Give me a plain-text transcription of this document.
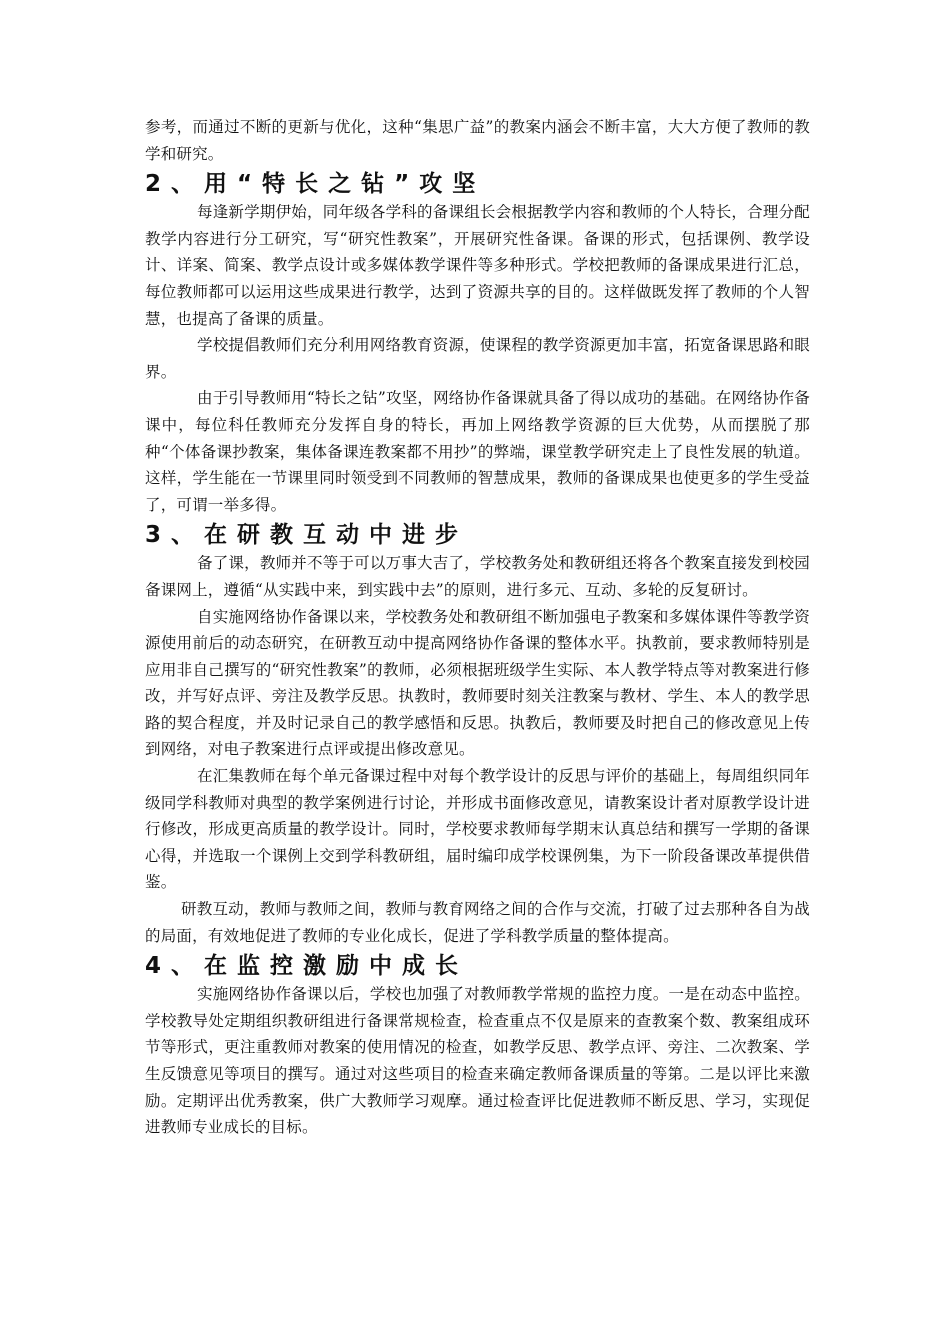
参考，而通过不断的更新与优化，这种“集思广益”的教案内涵会不断丰富，大大方便了教师的教学和研究。

2、用“特长之钻”攻坚

每逢新学期伊始，同年级各学科的备课组长会根据教学内容和教师的个人特长，合理分配教学内容进行分工研究，写“研究性教案”，开展研究性备课。备课的形式，包括课例、教学设计、详案、简案、教学点设计或多媒体教学课件等多种形式。学校把教师的备课成果进行汇总，每位教师都可以运用这些成果进行教学，达到了资源共享的目的。这样做既发挥了教师的个人智慧，也提高了备课的质量。

学校提倡教师们充分利用网络教育资源，使课程的教学资源更加丰富，拓宽备课思路和眼界。

由于引导教师用“特长之钻”攻坚，网络协作备课就具备了得以成功的基础。在网络协作备课中，每位科任教师充分发挥自身的特长，再加上网络教学资源的巨大优势，从而摆脱了那种“个体备课抄教案，集体备课连教案都不用抄”的弊端，课堂教学研究走上了良性发展的轨道。这样，学生能在一节课里同时领受到不同教师的智慧成果，教师的备课成果也使更多的学生受益了，可谓一举多得。

3、在研教互动中进步

备了课，教师并不等于可以万事大吉了，学校教务处和教研组还将各个教案直接发到校园备课网上，遵循“从实践中来，到实践中去”的原则，进行多元、互动、多轮的反复研讨。

自实施网络协作备课以来，学校教务处和教研组不断加强电子教案和多媒体课件等教学资源使用前后的动态研究，在研教互动中提高网络协作备课的整体水平。执教前，要求教师特别是应用非自己撰写的“研究性教案”的教师，必须根据班级学生实际、本人教学特点等对教案进行修改，并写好点评、旁注及教学反思。执教时，教师要时刻关注教案与教材、学生、本人的教学思路的契合程度，并及时记录自己的教学感悟和反思。执教后，教师要及时把自己的修改意见上传到网络，对电子教案进行点评或提出修改意见。

在汇集教师在每个单元备课过程中对每个教学设计的反思与评价的基础上，每周组织同年级同学科教师对典型的教学案例进行讨论，并形成书面修改意见，请教案设计者对原教学设计进行修改，形成更高质量的教学设计。同时，学校要求教师每学期末认真总结和撰写一学期的备课心得，并选取一个课例上交到学科教研组，届时编印成学校课例集，为下一阶段备课改革提供借鉴。

研教互动，教师与教师之间，教师与教育网络之间的合作与交流，打破了过去那种各自为战的局面，有效地促进了教师的专业化成长，促进了学科教学质量的整体提高。

4、在监控激励中成长

实施网络协作备课以后，学校也加强了对教师教学常规的监控力度。一是在动态中监控。学校教导处定期组织教研组进行备课常规检查，检查重点不仅是原来的查教案个数、教案组成环节等形式，更注重教师对教案的使用情况的检查，如教学反思、教学点评、旁注、二次教案、学生反馈意见等项目的撰写。通过对这些项目的检查来确定教师备课质量的等第。二是以评比来激励。定期评出优秀教案，供广大教师学习观摩。通过检查评比促进教师不断反思、学习，实现促进教师专业成长的目标。
